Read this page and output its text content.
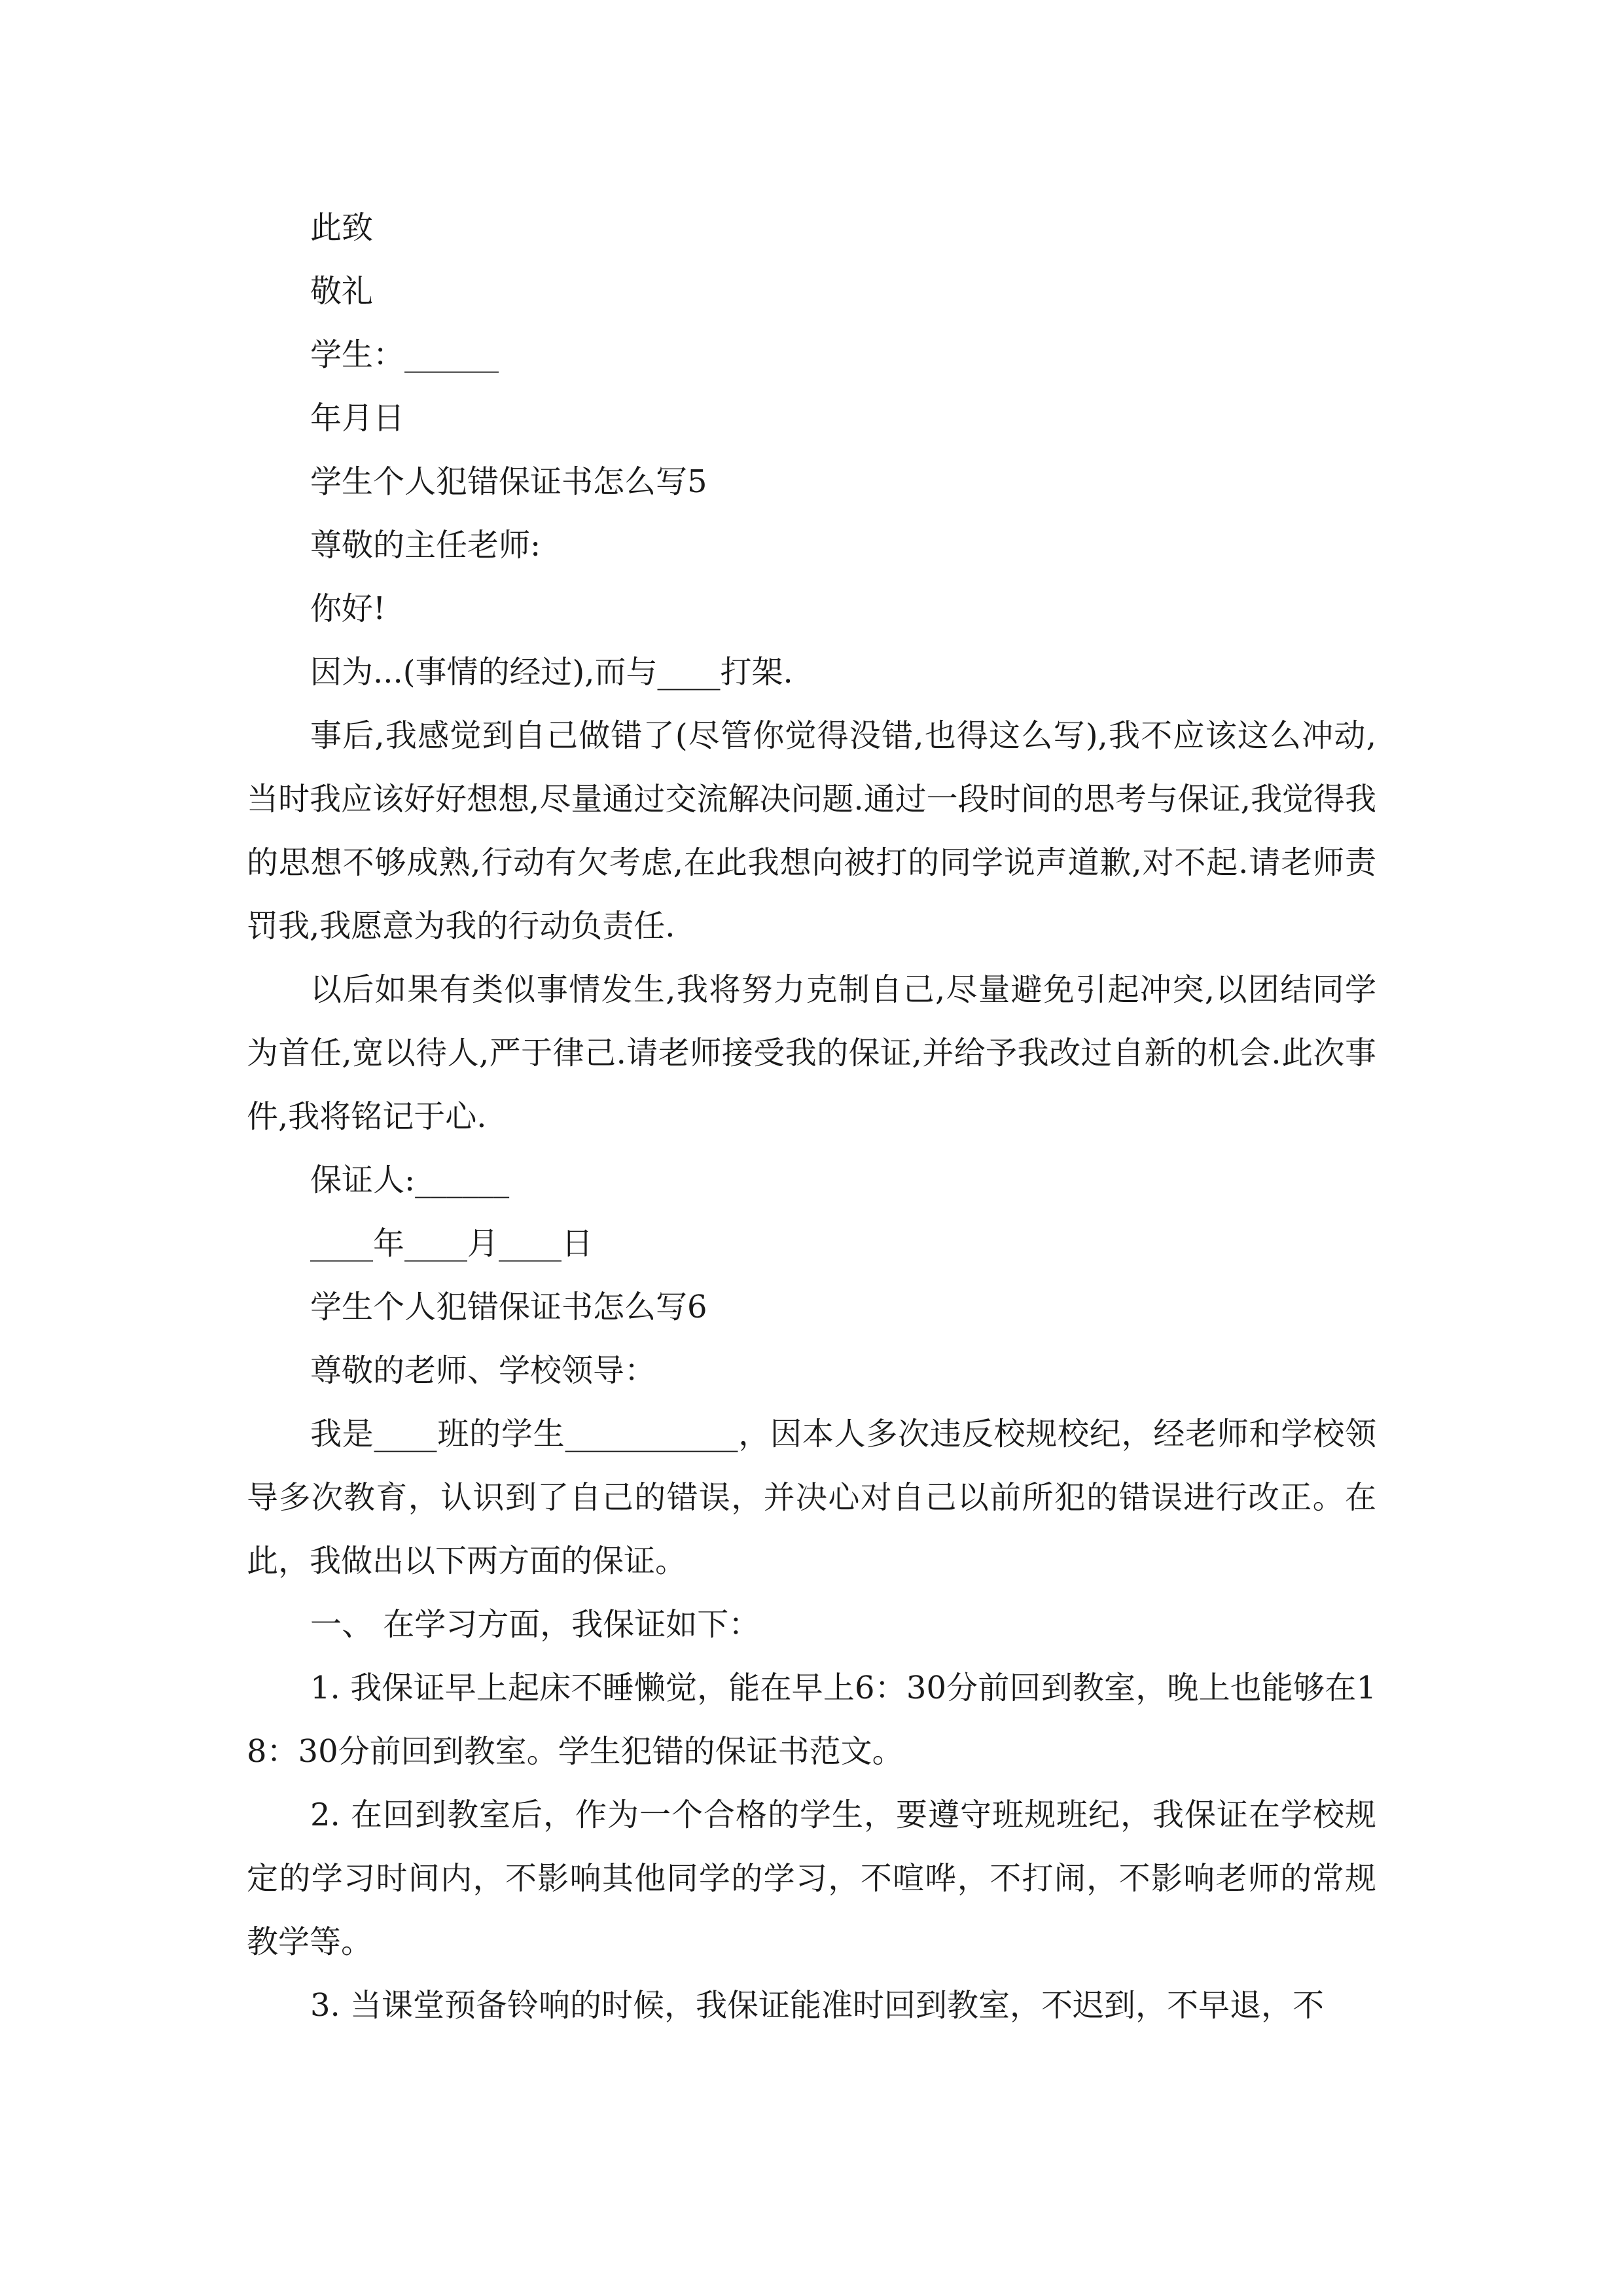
此致

敬礼

学生：______

年月日

学生个人犯错保证书怎么写5

尊敬的主任老师:

你好!

因为...(事情的经过),而与____打架.

事后,我感觉到自己做错了(尽管你觉得没错,也得这么写),我不应该这么冲动,当时我应该好好想想,尽量通过交流解决问题.通过一段时间的思考与保证,我觉得我的思想不够成熟,行动有欠考虑,在此我想向被打的同学说声道歉,对不起.请老师责罚我,我愿意为我的行动负责任.

以后如果有类似事情发生,我将努力克制自己,尽量避免引起冲突,以团结同学为首任,宽以待人,严于律己.请老师接受我的保证,并给予我改过自新的机会.此次事件,我将铭记于心.

保证人:______

____年____月____日

学生个人犯错保证书怎么写6

尊敬的老师、学校领导：

我是____班的学生___________，因本人多次违反校规校纪，经老师和学校领导多次教育，认识到了自己的错误，并决心对自己以前所犯的错误进行改正。在此，我做出以下两方面的保证。

一、 在学习方面，我保证如下：

1. 我保证早上起床不睡懒觉，能在早上6：30分前回到教室，晚上也能够在18：30分前回到教室。学生犯错的保证书范文。

2. 在回到教室后，作为一个合格的学生，要遵守班规班纪，我保证在学校规定的学习时间内，不影响其他同学的学习，不喧哗，不打闹，不影响老师的常规教学等。

3. 当课堂预备铃响的时候，我保证能准时回到教室，不迟到，不早退，不
